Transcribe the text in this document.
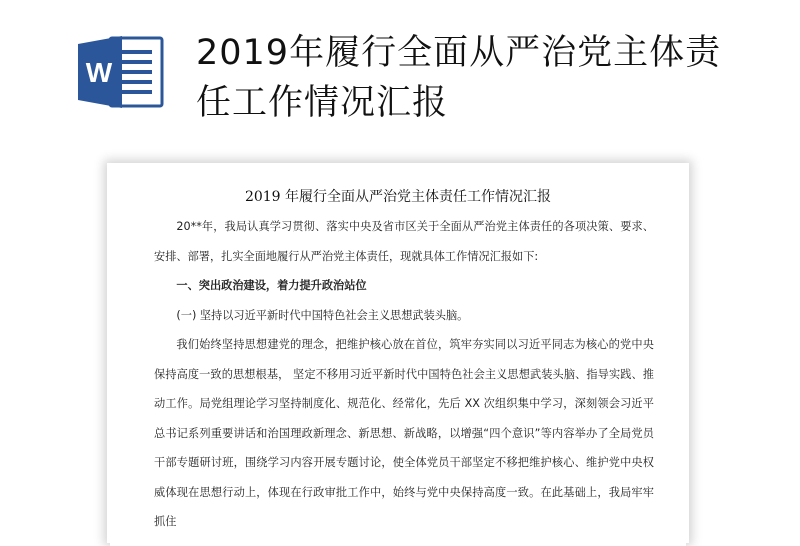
W 2019年履行全面从严治党主体责任工作情况汇报
2019 年履行全面从严治党主体责任工作情况汇报

20**年，我局认真学习贯彻、落实中央及省市区关于全面从严治党主体责任的各项决策、要求、安排、部署，扎实全面地履行从严治党主体责任，现就具体工作情况汇报如下:

一、突出政治建设，着力提升政治站位

(一) 坚持以习近平新时代中国特色社会主义思想武装头脑。

我们始终坚持思想建党的理念，把维护核心放在首位，筑牢夯实同以习近平同志为核心的党中央保持高度一致的思想根基， 坚定不移用习近平新时代中国特色社会主义思想武装头脑、指导实践、推动工作。局党组理论学习坚持制度化、规范化、经常化，先后 XX 次组织集中学习，深刻领会习近平总书记系列重要讲话和治国理政新理念、新思想、新战略，以增强“四个意识”等内容举办了全局党员干部专题研讨班，围绕学习内容开展专题讨论，使全体党员干部坚定不移把维护核心、维护党中央权威体现在思想行动上，体现在行政审批工作中，始终与党中央保持高度一致。在此基础上，我局牢牢抓住
